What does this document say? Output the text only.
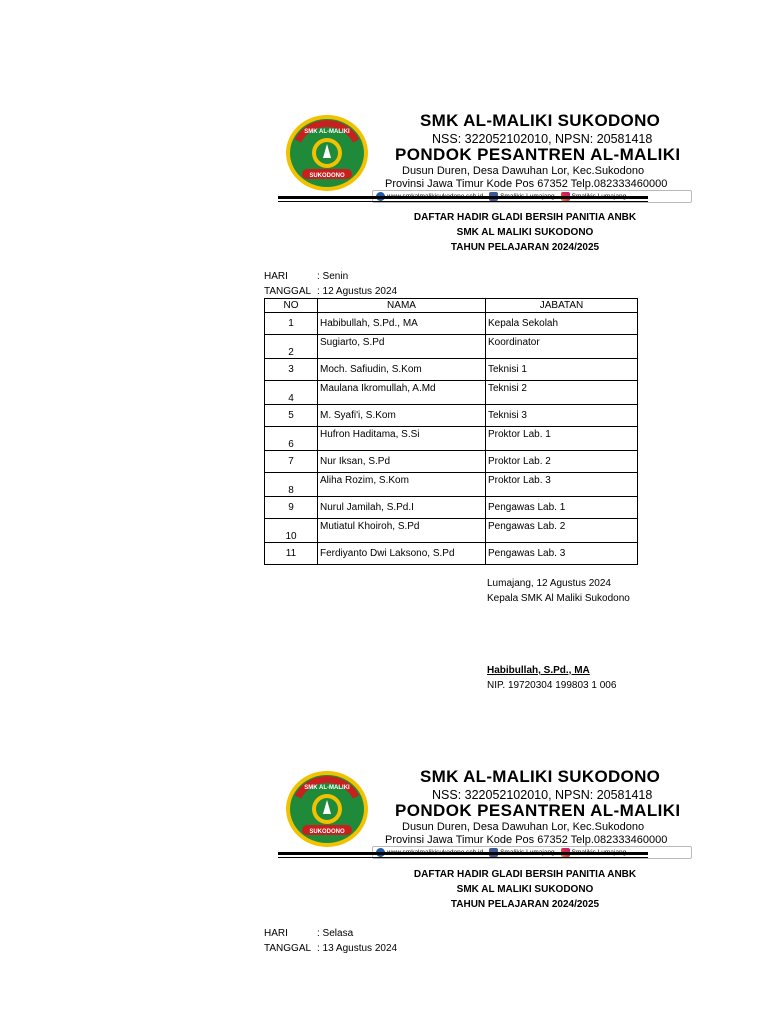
SMK AL-MALIKI
SUKODONO
SMK AL-MALIKI SUKODONO
NSS: 322052102010, NPSN: 20581418
PONDOK PESANTREN AL-MALIKI
Dusun Duren, Desa Dawuhan Lor, Kec.Sukodono
Provinsi Jawa Timur Kode Pos 67352 Telp.082333460000
DAFTAR HADIR GLADI BERSIH PANITIA ANBK
SMK AL MALIKI SUKODONO
TAHUN PELAJARAN 2024/2025
HARI	: Senin
TANGGAL : 12 Agustus 2024
NO	NAMA	JABATAN
1	Habibullah, S.Pd., MA	Kepala Sekolah
2	Sugiarto, S.Pd	Koordinator
3	Moch. Safiudin, S.Kom	Teknisi 1
4	Maulana Ikromullah, A.Md	Teknisi 2
5	M. Syafi'i, S.Kom	Teknisi 3
6	Hufron Haditama, S.Si	Proktor Lab. 1
7	Nur Iksan, S.Pd	Proktor Lab. 2
8	Aliha Rozim, S.Kom	Proktor Lab. 3
9	Nurul Jamilah, S.Pd.I	Pengawas Lab. 1
10	Mutiatul Khoiroh, S.Pd	Pengawas Lab. 2
11	Ferdiyanto Dwi Laksono, S.Pd	Pengawas Lab. 3
Lumajang, 12 Agustus 2024
Kepala SMK Al Maliki Sukodono
Habibullah, S.Pd., MA
NIP. 19720304 199803 1 006
SMK AL-MALIKI
SUKODONO
SMK AL-MALIKI SUKODONO
NSS: 322052102010, NPSN: 20581418
PONDOK PESANTREN AL-MALIKI
Dusun Duren, Desa Dawuhan Lor, Kec.Sukodono
Provinsi Jawa Timur Kode Pos 67352 Telp.082333460000
DAFTAR HADIR GLADI BERSIH PANITIA ANBK
SMK AL MALIKI SUKODONO
TAHUN PELAJARAN 2024/2025
HARI	: Selasa
TANGGAL : 13 Agustus 2024
